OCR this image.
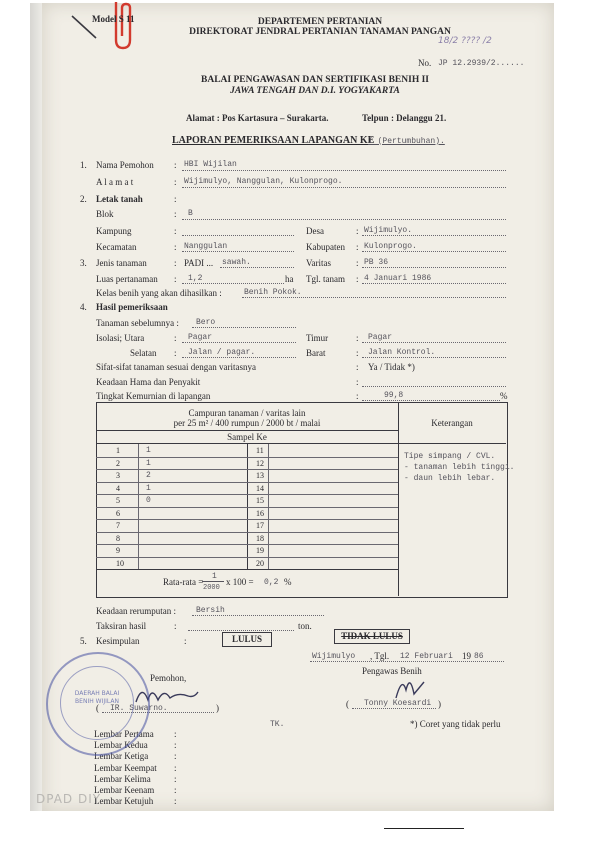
Model S 11	DEPARTEMEN PERTANIAN
DIREKTORAT JENDRAL PERTANIAN TANAMAN PANGAN
18/2 ???? /2
No. JP 12.2939/2......
BALAI PENGAWASAN DAN SERTIFIKASI BENIH II
JAWA TENGAH DAN D.I. YOGYAKARTA
Alamat : Pos Kartasura – Surakarta.	Telpun : Delanggu 21.
LAPORAN PEMERIKSAAN LAPANGAN KE
I (Pertumbuhan).
1. Nama Pemohon : HBI Wijilan
A l a m a t	: Wijimulyo, Nanggulan, Kulonprogo.
2. Letak tanah	:
Blok	: B
Kampung	:	Desa	: Wijimulyo.
Kecamatan	: Nanggulan	Kabupaten : Kulonprogo.
3. Jenis tanaman	: PADI ... sawah.	Varitas	: PB 36
Luas pertanaman : 1,2	ha Tgl. tanam : 4 Januari 1986
Kelas benih yang akan dihasilkan :	Benih Pokok.
4. Hasil pemeriksaan
Tanaman sebelumnya : Bero
Isolasi; Utara	: Pagar	Timur	: Pagar
Selatan : Jalan / pagar.	Barat	: Jalan Kontrol.
Sifat-sifat tanaman sesuai dengan varitasnya	: Ya / Tidak *)
Keadaan Hama dan Penyakit	:
Tingkat Kemurnian di lapangan	:	99,8	%
Campuran tanaman / varitas lain
per 25 m² / 400 rumpun / 2000 bt / malai
Sampel Ke
Keterangan
1	1	11
2	1	12
3	2	13
4	1	14
5	0	15
6	16
7	17
8	18
9	19
10	20
Rata-rata =
1
2000
x 100 = 0,2 %
Tipe simpang / CVL.
- tanaman lebih tinggi.
- daun lebih lebar.
Keadaan rerumputan :	Bersih
Taksiran hasil	:	ton.
5. Kesimpulan	:	LULUS	TIDAK LULUS
Wijimulyo , Tgl. 12 Februari 19 86
Pemohon,
Pengawas Benih
( IR. Suwarno.	)	( Tonny Koesardi )
TK.	*) Coret yang tidak perlu
Lembar Pertama :
Lembar Kedua	:
Lembar Ketiga	:
Lembar Keempat :
Lembar Kelima	:
Lembar Keenam :
Lembar Ketujuh :
DAERAH BALAI BENIH WIJILAN
DPAD DIY
